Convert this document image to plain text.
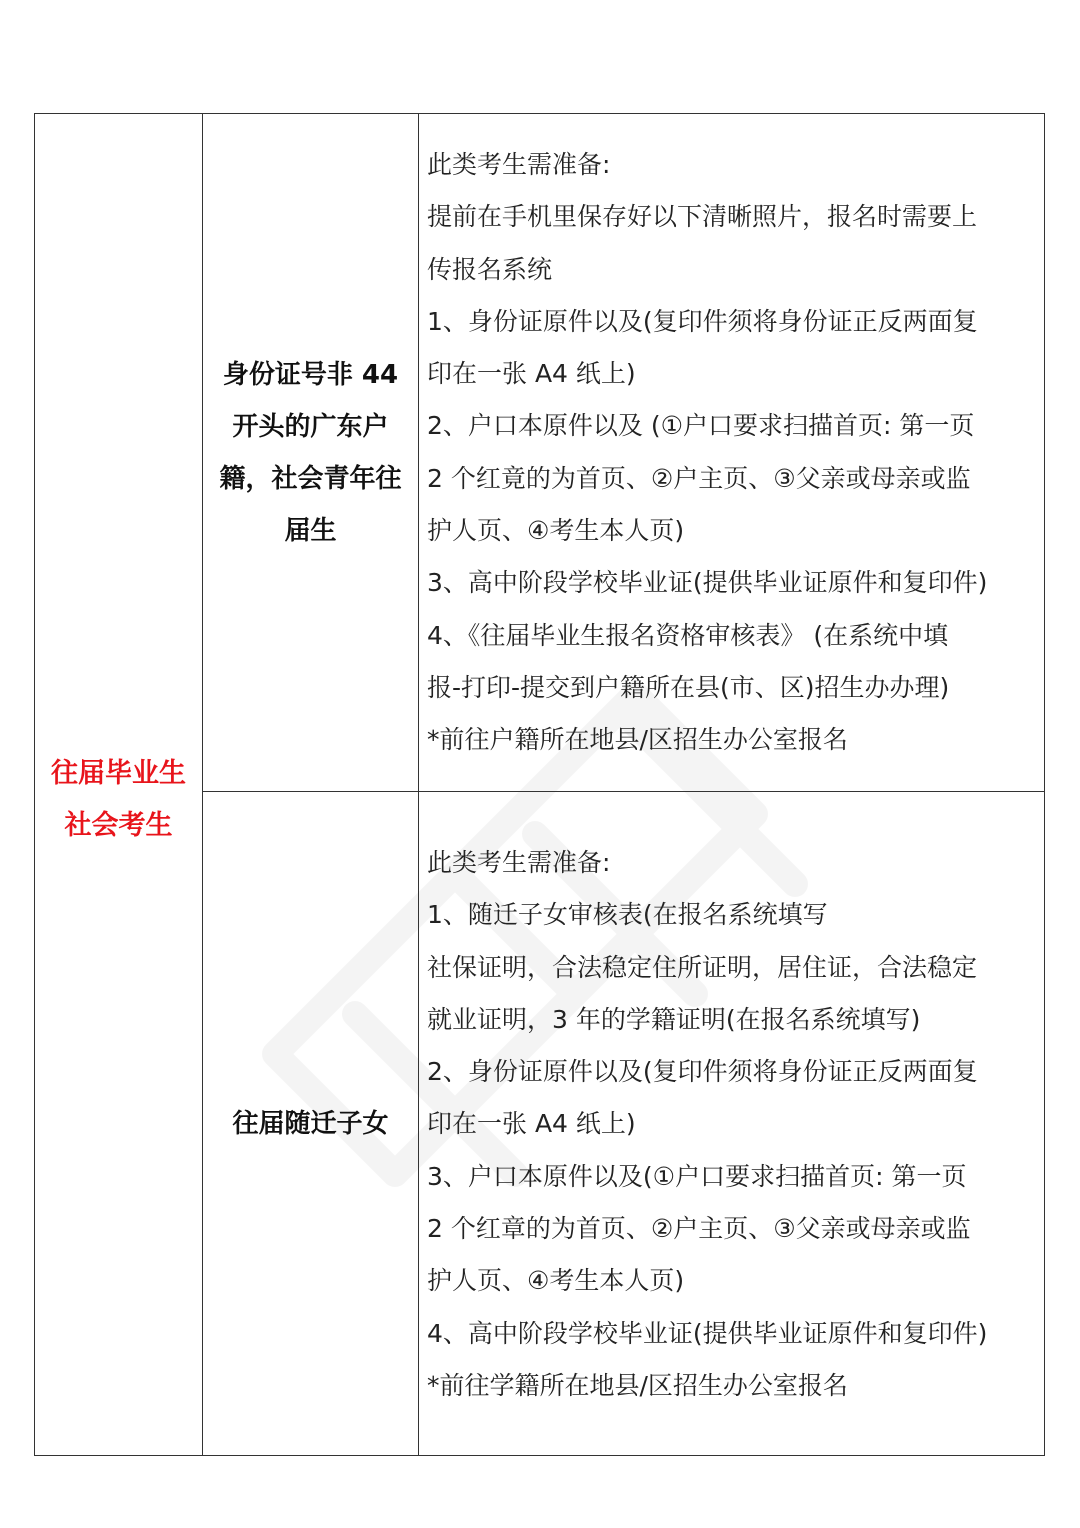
往届毕业生
社会考生
身份证号非 44
开头的广东户
籍，社会青年往
届生
此类考生需准备:
提前在手机里保存好以下清晰照片，报名时需要上
传报名系统
1、身份证原件以及(复印件须将身份证正反两面复
印在一张 A4 纸上)
2、户口本原件以及 (①户口要求扫描首页: 第一页
2 个红竟的为首页、②户主页、③父亲或母亲或监
护人页、④考生本人页)
3、高中阶段学校毕业证(提供毕业证原件和复印件)
4、《往届毕业生报名资格审核表》 (在系统中填
报-打印-提交到户籍所在县(市、区)招生办办理)
*前往户籍所在地县/区招生办公室报名
往届随迁子女
此类考生需准备:
1、随迁子女审核表(在报名系统填写
社保证明，合法稳定住所证明，居住证，合法稳定
就业证明，3 年的学籍证明(在报名系统填写)
2、身份证原件以及(复印件须将身份证正反两面复
印在一张 A4 纸上)
3、户口本原件以及(①户口要求扫描首页: 第一页
2 个红章的为首页、②户主页、③父亲或母亲或监
护人页、④考生本人页)
4、高中阶段学校毕业证(提供毕业证原件和复印件)
*前往学籍所在地县/区招生办公室报名
